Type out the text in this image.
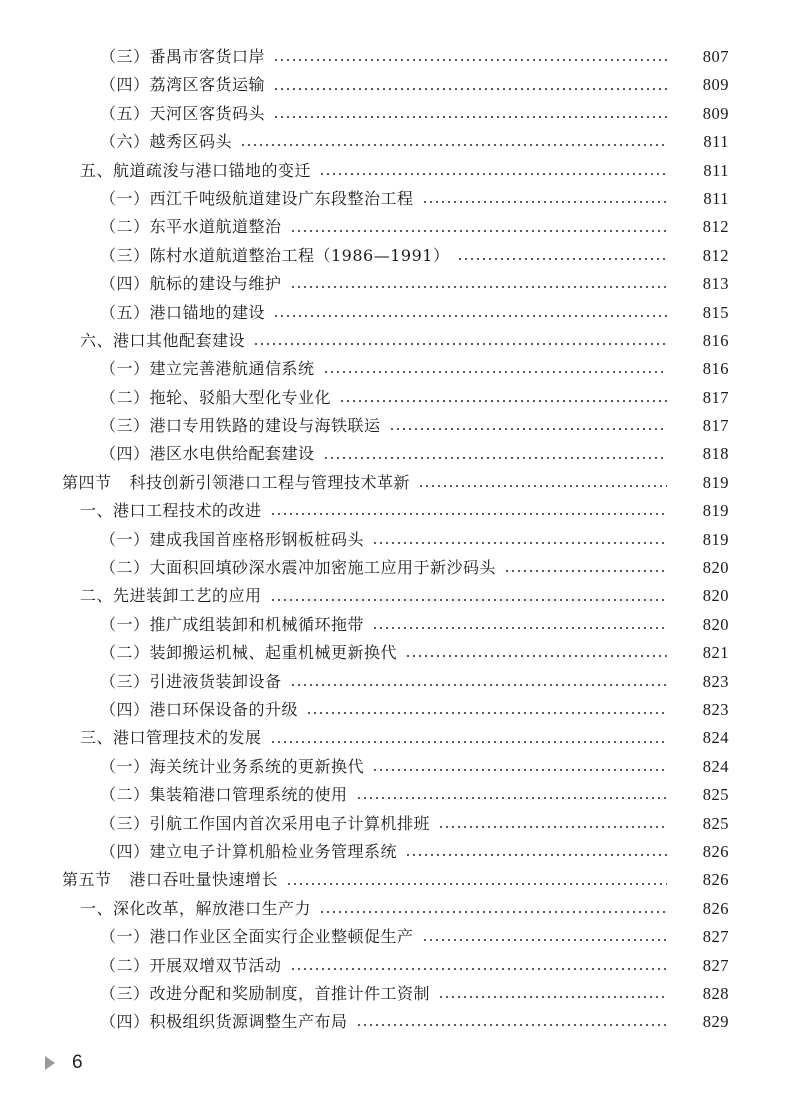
（三）番禺市客货口岸	807
（四）荔湾区客货运输	809
（五）天河区客货码头	809
（六）越秀区码头	811
五、航道疏浚与港口锚地的变迁	811
（一）西江千吨级航道建设广东段整治工程	811
（二）东平水道航道整治	812
（三）陈村水道航道整治工程（1986—1991）	812
（四）航标的建设与维护	813
（五）港口锚地的建设	815
六、港口其他配套建设	816
（一）建立完善港航通信系统	816
（二）拖轮、驳船大型化专业化	817
（三）港口专用铁路的建设与海铁联运	817
（四）港区水电供给配套建设	818
第四节 科技创新引领港口工程与管理技术革新	819
一、港口工程技术的改进	819
（一）建成我国首座格形钢板桩码头	819
（二）大面积回填砂深水震冲加密施工应用于新沙码头	820
二、先进装卸工艺的应用	820
（一）推广成组装卸和机械循环拖带	820
（二）装卸搬运机械、起重机械更新换代	821
（三）引进液货装卸设备	823
（四）港口环保设备的升级	823
三、港口管理技术的发展	824
（一）海关统计业务系统的更新换代	824
（二）集装箱港口管理系统的使用	825
（三）引航工作国内首次采用电子计算机排班	825
（四）建立电子计算机船检业务管理系统	826
第五节 港口吞吐量快速增长	826
一、深化改革，解放港口生产力	826
（一）港口作业区全面实行企业整顿促生产	827
（二）开展双增双节活动	827
（三）改进分配和奖励制度，首推计件工资制	828
（四）积极组织货源调整生产布局	829
6
